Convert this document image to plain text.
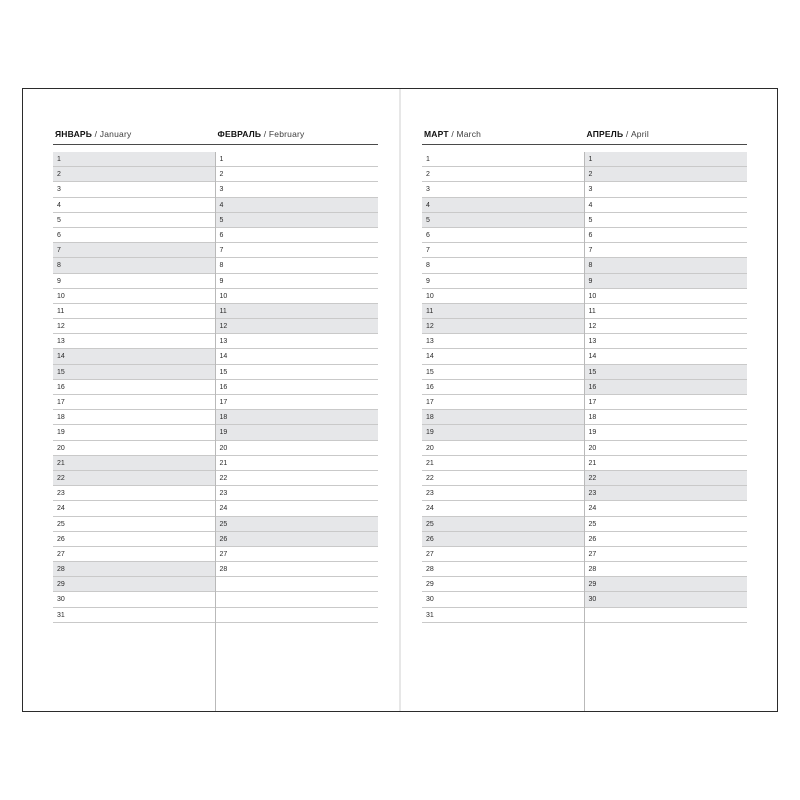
ЯНВАРЬ / January	ФЕВРАЛЬ / February
1
2
3
4
5
6
7
8
9
10
11
12
13
14
15
16
17
18
19
20
21
22
23
24
25
26
27
28
29
30
31
1
2
3
4
5
6
7
8
9
10
11
12
13
14
15
16
17
18
19
20
21
22
23
24
25
26
27
28
МАРТ / March	АПРЕЛЬ / April
1
2
3
4
5
6
7
8
9
10
11
12
13
14
15
16
17
18
19
20
21
22
23
24
25
26
27
28
29
30
31
1
2
3
4
5
6
7
8
9
10
11
12
13
14
15
16
17
18
19
20
21
22
23
24
25
26
27
28
29
30
